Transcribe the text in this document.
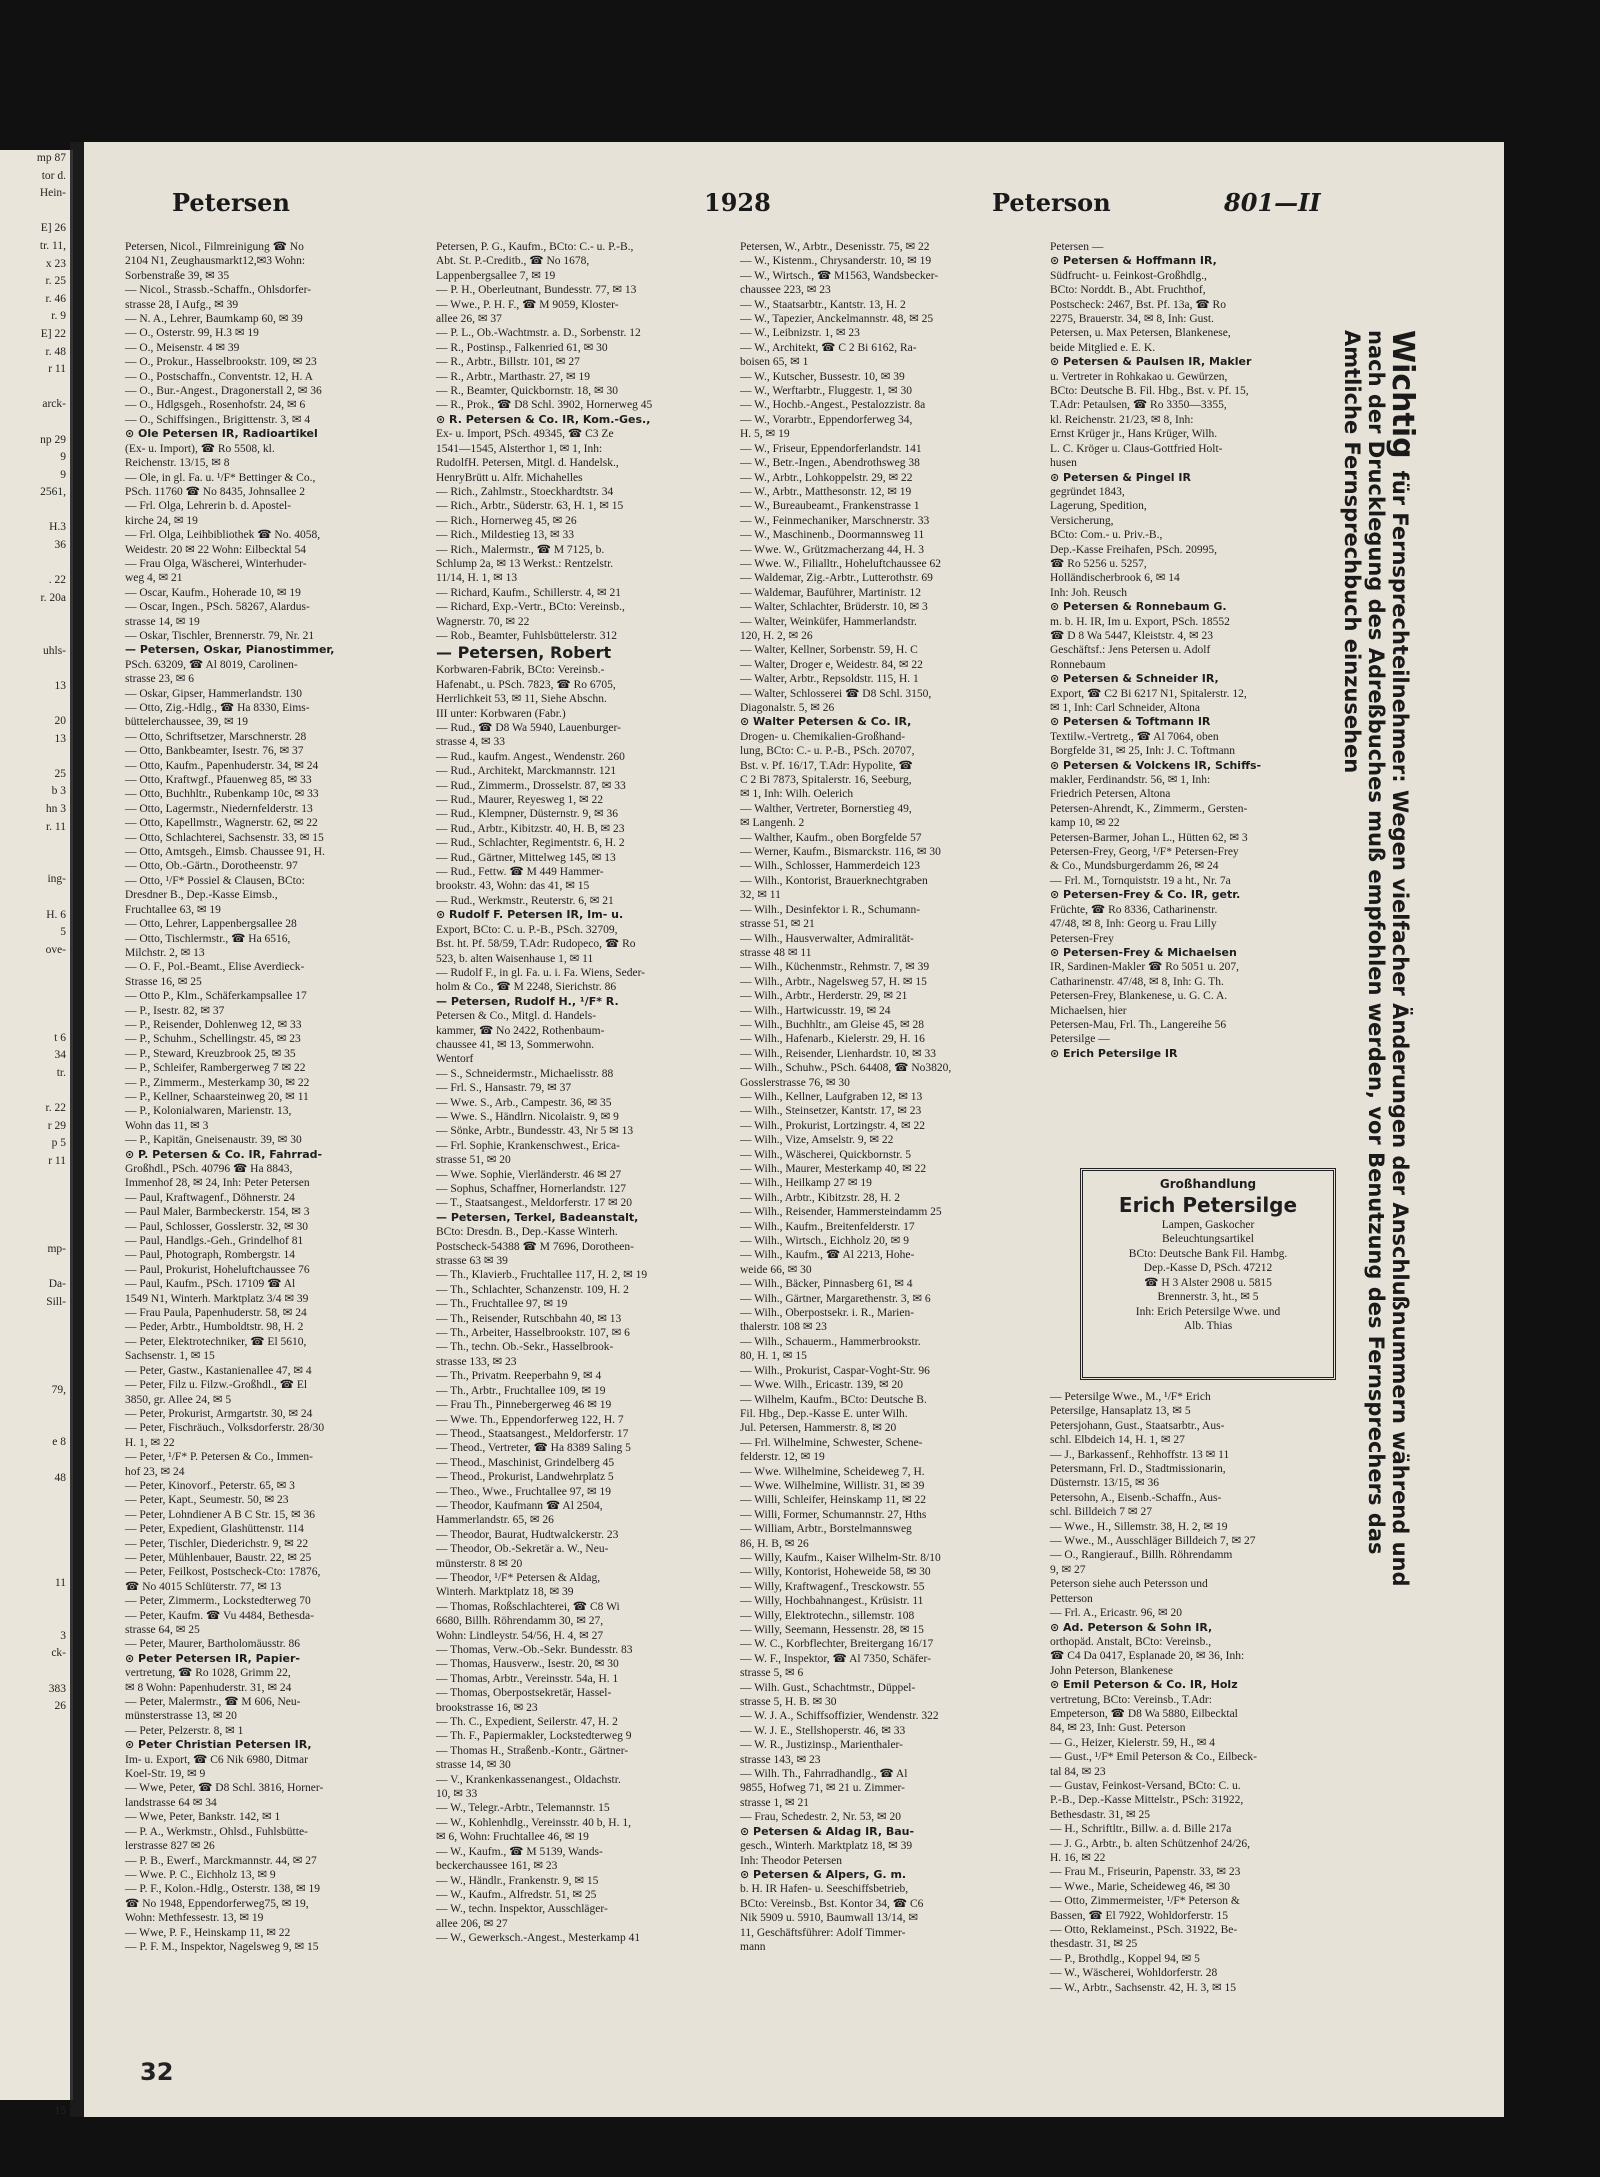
mp 87
tor d.
Hein-

E] 26
tr. 11,
x 23
r. 25
r. 46
r. 9
E] 22
r. 48
r 11

arck-

np 29
9
9
2561,

H.3
36

. 22
r. 20a

uhls-

13

20
13

25
b 3
hn 3
r. 11

ing-

H. 6
5
ove-

t 6
34
tr.

r. 22
r 29
p 5
r 11

mp-

Da-
Sill-

79,

e 8

48

11

3
ck-

383
26

15
Petersen	1928	Peterson	801—II
Petersen, Nicol., Filmreinigung ☎ No
2104 N1, Zeughausmarkt12,✉3 Wohn:
Sorbenstraße 39, ✉ 35
— Nicol., Strassb.-Schaffn., Ohlsdorfer-
strasse 28, I Aufg., ✉ 39
— N. A., Lehrer, Baumkamp 60, ✉ 39
— O., Osterstr. 99, H.3 ✉ 19
— O., Meisenstr. 4 ✉ 39
— O., Prokur., Hasselbrookstr. 109, ✉ 23
— O., Postschaffn., Conventstr. 12, H. A
— O., Bur.-Angest., Dragonerstall 2, ✉ 36
— O., Hdlgsgeh., Rosenhofstr. 24, ✉ 6
— O., Schiffsingen., Brigittenstr. 3, ✉ 4
⊙ Ole Petersen IR, Radioartikel
(Ex- u. Import), ☎ Ro 5508, kl.
Reichenstr. 13/15, ✉ 8
— Ole, in gl. Fa. u. ¹/F* Bettinger & Co.,
PSch. 11760 ☎ No 8435, Johnsallee 2
— Frl. Olga, Lehrerin b. d. Apostel-
kirche 24, ✉ 19
— Frl. Olga, Leihbibliothek ☎ No. 4058,
Weidestr. 20 ✉ 22 Wohn: Eilbecktal 54
— Frau Olga, Wäscherei, Winterhuder-
weg 4, ✉ 21
— Oscar, Kaufm., Hoherade 10, ✉ 19
— Oscar, Ingen., PSch. 58267, Alardus-
strasse 14, ✉ 19
— Oskar, Tischler, Brennerstr. 79, Nr. 21
— Petersen, Oskar, Pianostimmer,
PSch. 63209, ☎ Al 8019, Carolinen-
strasse 23, ✉ 6
— Oskar, Gipser, Hammerlandstr. 130
— Otto, Zig.-Hdlg., ☎ Ha 8330, Eims-
büttelerchaussee, 39, ✉ 19
— Otto, Schriftsetzer, Marschnerstr. 28
— Otto, Bankbeamter, Isestr. 76, ✉ 37
— Otto, Kaufm., Papenhuderstr. 34, ✉ 24
— Otto, Kraftwgf., Pfauenweg 85, ✉ 33
— Otto, Buchhltr., Rubenkamp 10c, ✉ 33
— Otto, Lagermstr., Niedernfelderstr. 13
— Otto, Kapellmstr., Wagnerstr. 62, ✉ 22
— Otto, Schlachterei, Sachsenstr. 33, ✉ 15
— Otto, Amtsgeh., Eimsb. Chaussee 91, H.
— Otto, Ob.-Gärtn., Dorotheenstr. 97
— Otto, ¹/F* Possiel & Clausen, BCto:
Dresdner B., Dep.-Kasse Eimsb.,
Fruchtallee 63, ✉ 19
— Otto, Lehrer, Lappenbergsallee 28
— Otto, Tischlermstr., ☎ Ha 6516,
Milchstr. 2, ✉ 13
— O. F., Pol.-Beamt., Elise Averdieck-
Strasse 16, ✉ 25
— Otto P., Klm., Schäferkampsallee 17
— P., Isestr. 82, ✉ 37
— P., Reisender, Dohlenweg 12, ✉ 33
— P., Schuhm., Schellingstr. 45, ✉ 23
— P., Steward, Kreuzbrook 25, ✉ 35
— P., Schleifer, Rambergerweg 7 ✉ 22
— P., Zimmerm., Mesterkamp 30, ✉ 22
— P., Kellner, Schaarsteinweg 20, ✉ 11
— P., Kolonialwaren, Marienstr. 13,
Wohn das 11, ✉ 3
— P., Kapitän, Gneisenaustr. 39, ✉ 30
⊙ P. Petersen & Co. IR, Fahrrad-
Großhdl., PSch. 40796 ☎ Ha 8843,
Immenhof 28, ✉ 24, Inh: Peter Petersen
— Paul, Kraftwagenf., Döhnerstr. 24
— Paul Maler, Barmbeckerstr. 154, ✉ 3
— Paul, Schlosser, Gosslerstr. 32, ✉ 30
— Paul, Handlgs.-Geh., Grindelhof 81
— Paul, Photograph, Rombergstr. 14
— Paul, Prokurist, Hoheluftchaussee 76
— Paul, Kaufm., PSch. 17109 ☎ Al
1549 N1, Winterh. Marktplatz 3/4 ✉ 39
— Frau Paula, Papenhuderstr. 58, ✉ 24
— Peder, Arbtr., Humboldtstr. 98, H. 2
— Peter, Elektrotechniker, ☎ El 5610,
Sachsenstr. 1, ✉ 15
— Peter, Gastw., Kastanienallee 47, ✉ 4
— Peter, Filz u. Filzw.-Großhdl., ☎ El
3850, gr. Allee 24, ✉ 5
— Peter, Prokurist, Armgartstr. 30, ✉ 24
— Peter, Fischräuch., Volksdorferstr. 28/30
H. 1, ✉ 22
— Peter, ¹/F* P. Petersen & Co., Immen-
hof 23, ✉ 24
— Peter, Kinovorf., Peterstr. 65, ✉ 3
— Peter, Kapt., Seumestr. 50, ✉ 23
— Peter, Lohndiener A B C Str. 15, ✉ 36
— Peter, Expedient, Glashüttenstr. 114
— Peter, Tischler, Diederichstr. 9, ✉ 22
— Peter, Mühlenbauer, Baustr. 22, ✉ 25
— Peter, Feilkost, Postscheck-Cto: 17876,
☎ No 4015 Schlüterstr. 77, ✉ 13
— Peter, Zimmerm., Lockstedterweg 70
— Peter, Kaufm. ☎ Vu 4484, Bethesda-
strasse 64, ✉ 25
— Peter, Maurer, Bartholomäusstr. 86
⊙ Peter Petersen IR, Papier-
vertretung, ☎ Ro 1028, Grimm 22,
✉ 8 Wohn: Papenhuderstr. 31, ✉ 24
— Peter, Malermstr., ☎ M 606, Neu-
münsterstrasse 13, ✉ 20
— Peter, Pelzerstr. 8, ✉ 1
⊙ Peter Christian Petersen IR,
Im- u. Export, ☎ C6 Nik 6980, Ditmar
Koel-Str. 19, ✉ 9
— Wwe, Peter, ☎ D8 Schl. 3816, Horner-
landstrasse 64 ✉ 34
— Wwe, Peter, Bankstr. 142, ✉ 1
— P. A., Werkmstr., Ohlsd., Fuhlsbütte-
lerstrasse 827 ✉ 26
— P. B., Ewerf., Marckmannstr. 44, ✉ 27
— Wwe. P. C., Eichholz 13, ✉ 9
— P. F., Kolon.-Hdlg., Osterstr. 138, ✉ 19
☎ No 1948, Eppendorferweg75, ✉ 19,
Wohn: Methfessestr. 13, ✉ 19
— Wwe, P. F., Heinskamp 11, ✉ 22
— P. F. M., Inspektor, Nagelsweg 9, ✉ 15
Petersen, P. G., Kaufm., BCto: C.- u. P.-B.,
Abt. St. P.-Creditb., ☎ No 1678,
Lappenbergsallee 7, ✉ 19
— P. H., Oberleutnant, Bundesstr. 77, ✉ 13
— Wwe., P. H. F., ☎ M 9059, Kloster-
allee 26, ✉ 37
— P. L., Ob.-Wachtmstr. a. D., Sorbenstr. 12
— R., Postinsp., Falkenried 61, ✉ 30
— R., Arbtr., Billstr. 101, ✉ 27
— R., Arbtr., Marthastr. 27, ✉ 19
— R., Beamter, Quickbornstr. 18, ✉ 30
— R., Prok., ☎ D8 Schl. 3902, Hornerweg 45
⊙ R. Petersen & Co. IR, Kom.-Ges.,
Ex- u. Import, PSch. 49345, ☎ C3 Ze
1541—1545, Alsterthor 1, ✉ 1, Inh:
RudolfH. Petersen, Mitgl. d. Handelsk.,
HenryBrütt u. Alfr. Michahelles
— Rich., Zahlmstr., Stoeckhardtstr. 34
— Rich., Arbtr., Süderstr. 63, H. 1, ✉ 15
— Rich., Hornerweg 45, ✉ 26
— Rich., Mildestieg 13, ✉ 33
— Rich., Malermstr., ☎ M 7125, b.
Schlump 2a, ✉ 13 Werkst.: Rentzelstr.
11/14, H. 1, ✉ 13
— Richard, Kaufm., Schillerstr. 4, ✉ 21
— Richard, Exp.-Vertr., BCto: Vereinsb.,
Wagnerstr. 70, ✉ 22
— Rob., Beamter, Fuhlsbüttelerstr. 312
— Petersen, Robert
Korbwaren-Fabrik, BCto: Vereinsb.-
Hafenabt., u. PSch. 7823, ☎ Ro 6705,
Herrlichkeit 53, ✉ 11, Siehe Abschn.
III unter: Korbwaren (Fabr.)
— Rud., ☎ D8 Wa 5940, Lauenburger-
strasse 4, ✉ 33
— Rud., kaufm. Angest., Wendenstr. 260
— Rud., Architekt, Marckmannstr. 121
— Rud., Zimmerm., Drosselstr. 87, ✉ 33
— Rud., Maurer, Reyesweg 1, ✉ 22
— Rud., Klempner, Düsternstr. 9, ✉ 36
— Rud., Arbtr., Kibitzstr. 40, H. B, ✉ 23
— Rud., Schlachter, Regimentstr. 6, H. 2
— Rud., Gärtner, Mittelweg 145, ✉ 13
— Rud., Fettw. ☎ M 449 Hammer-
brookstr. 43, Wohn: das 41, ✉ 15
— Rud., Werkmstr., Reuterstr. 6, ✉ 21
⊙ Rudolf F. Petersen IR, Im- u.
Export, BCto: C. u. P.-B., PSch. 32709,
Bst. ht. Pf. 58/59, T.Adr: Rudopeco, ☎ Ro
523, b. alten Waisenhause 1, ✉ 11
— Rudolf F., in gl. Fa. u. i. Fa. Wiens, Seder-
holm & Co., ☎ M 2248, Sierichstr. 86
— Petersen, Rudolf H., ¹/F* R.
Petersen & Co., Mitgl. d. Handels-
kammer, ☎ No 2422, Rothenbaum-
chaussee 41, ✉ 13, Sommerwohn.
Wentorf
— S., Schneidermstr., Michaelisstr. 88
— Frl. S., Hansastr. 79, ✉ 37
— Wwe. S., Arb., Campestr. 36, ✉ 35
— Wwe. S., Händlrn. Nicolaistr. 9, ✉ 9
— Sönke, Arbtr., Bundesstr. 43, Nr 5 ✉ 13
— Frl. Sophie, Krankenschwest., Erica-
strasse 51, ✉ 20
— Wwe. Sophie, Vierländerstr. 46 ✉ 27
— Sophus, Schaffner, Hornerlandstr. 127
— T., Staatsangest., Meldorferstr. 17 ✉ 20
— Petersen, Terkel, Badeanstalt,
BCto: Dresdn. B., Dep.-Kasse Winterh.
Postscheck-54388 ☎ M 7696, Dorotheen-
strasse 63 ✉ 39
— Th., Klavierb., Fruchtallee 117, H. 2, ✉ 19
— Th., Schlachter, Schanzenstr. 109, H. 2
— Th., Fruchtallee 97, ✉ 19
— Th., Reisender, Rutschbahn 40, ✉ 13
— Th., Arbeiter, Hasselbrookstr. 107, ✉ 6
— Th., techn. Ob.-Sekr., Hasselbrook-
strasse 133, ✉ 23
— Th., Privatm. Reeperbahn 9, ✉ 4
— Th., Arbtr., Fruchtallee 109, ✉ 19
— Frau Th., Pinnebergerweg 46 ✉ 19
— Wwe. Th., Eppendorferweg 122, H. 7
— Theod., Staatsangest., Meldorferstr. 17
— Theod., Vertreter, ☎ Ha 8389 Saling 5
— Theod., Maschinist, Grindelberg 45
— Theod., Prokurist, Landwehrplatz 5
— Theo., Wwe., Fruchtallee 97, ✉ 19
— Theodor, Kaufmann ☎ Al 2504,
Hammerlandstr. 65, ✉ 26
— Theodor, Baurat, Hudtwalckerstr. 23
— Theodor, Ob.-Sekretär a. W., Neu-
münsterstr. 8 ✉ 20
— Theodor, ¹/F* Petersen & Aldag,
Winterh. Marktplatz 18, ✉ 39
— Thomas, Roßschlachterei, ☎ C8 Wi
6680, Billh. Röhrendamm 30, ✉ 27,
Wohn: Lindleystr. 54/56, H. 4, ✉ 27
— Thomas, Verw.-Ob.-Sekr. Bundesstr. 83
— Thomas, Hausverw., Isestr. 20, ✉ 30
— Thomas, Arbtr., Vereinsstr. 54a, H. 1
— Thomas, Oberpostsekretär, Hassel-
brookstrasse 16, ✉ 23
— Th. C., Expedient, Seilerstr. 47, H. 2
— Th. F., Papiermakler, Lockstedterweg 9
— Thomas H., Straßenb.-Kontr., Gärtner-
strasse 14, ✉ 30
— V., Krankenkassenangest., Oldachstr.
10, ✉ 33
— W., Telegr.-Arbtr., Telemannstr. 15
— W., Kohlenhdlg., Vereinsstr. 40 b, H. 1,
✉ 6, Wohn: Fruchtallee 46, ✉ 19
— W., Kaufm., ☎ M 5139, Wands-
beckerchaussee 161, ✉ 23
— W., Händlr., Frankenstr. 9, ✉ 15
— W., Kaufm., Alfredstr. 51, ✉ 25
— W., techn. Inspektor, Ausschläger-
allee 206, ✉ 27
— W., Gewerksch.-Angest., Mesterkamp 41
Petersen, W., Arbtr., Desenisstr. 75, ✉ 22
— W., Kistenm., Chrysanderstr. 10, ✉ 19
— W., Wirtsch., ☎ M1563, Wandsbecker-
chaussee 223, ✉ 23
— W., Staatsarbtr., Kantstr. 13, H. 2
— W., Tapezier, Anckelmannstr. 48, ✉ 25
— W., Leibnizstr. 1, ✉ 23
— W., Architekt, ☎ C 2 Bi 6162, Ra-
boisen 65, ✉ 1
— W., Kutscher, Bussestr. 10, ✉ 39
— W., Werftarbtr., Fluggestr. 1, ✉ 30
— W., Hochb.-Angest., Pestalozzistr. 8a
— W., Vorarbtr., Eppendorferweg 34,
H. 5, ✉ 19
— W., Friseur, Eppendorferlandstr. 141
— W., Betr.-Ingen., Abendrothsweg 38
— W., Arbtr., Lohkoppelstr. 29, ✉ 22
— W., Arbtr., Matthesonstr. 12, ✉ 19
— W., Bureaubeamt., Frankenstrasse 1
— W., Feinmechaniker, Marschnerstr. 33
— W., Maschinenb., Doormannsweg 11
— Wwe. W., Grützmacherzang 44, H. 3
— Wwe. W., Filialltr., Hoheluftchaussee 62
— Waldemar, Zig.-Arbtr., Lutterothstr. 69
— Waldemar, Bauführer, Martinistr. 12
— Walter, Schlachter, Brüderstr. 10, ✉ 3
— Walter, Weinküfer, Hammerlandstr.
120, H. 2, ✉ 26
— Walter, Kellner, Sorbenstr. 59, H. C
— Walter, Droger e, Weidestr. 84, ✉ 22
— Walter, Arbtr., Repsoldstr. 115, H. 1
— Walter, Schlosserei ☎ D8 Schl. 3150,
Diagonalstr. 5, ✉ 26
⊙ Walter Petersen & Co. IR,
Drogen- u. Chemikalien-Großhand-
lung, BCto: C.- u. P.-B., PSch. 20707,
Bst. v. Pf. 16/17, T.Adr: Hypolite, ☎
C 2 Bi 7873, Spitalerstr. 16, Seeburg,
✉ 1, Inh: Wilh. Oelerich
— Walther, Vertreter, Bornerstieg 49,
✉ Langenh. 2
— Walther, Kaufm., oben Borgfelde 57
— Werner, Kaufm., Bismarckstr. 116, ✉ 30
— Wilh., Schlosser, Hammerdeich 123
— Wilh., Kontorist, Brauerknechtgraben
32, ✉ 11
— Wilh., Desinfektor i. R., Schumann-
strasse 51, ✉ 21
— Wilh., Hausverwalter, Admiralität-
strasse 48 ✉ 11
— Wilh., Küchenmstr., Rehmstr. 7, ✉ 39
— Wilh., Arbtr., Nagelsweg 57, H. ✉ 15
— Wilh., Arbtr., Herderstr. 29, ✉ 21
— Wilh., Hartwicusstr. 19, ✉ 24
— Wilh., Buchhltr., am Gleise 45, ✉ 28
— Wilh., Hafenarb., Kielerstr. 29, H. 16
— Wilh., Reisender, Lienhardstr. 10, ✉ 33
— Wilh., Schuhw., PSch. 64408, ☎ No3820,
Gosslerstrasse 76, ✉ 30
— Wilh., Kellner, Laufgraben 12, ✉ 13
— Wilh., Steinsetzer, Kantstr. 17, ✉ 23
— Wilh., Prokurist, Lortzingstr. 4, ✉ 22
— Wilh., Vize, Amselstr. 9, ✉ 22
— Wilh., Wäscherei, Quickbornstr. 5
— Wilh., Maurer, Mesterkamp 40, ✉ 22
— Wilh., Heilkamp 27 ✉ 19
— Wilh., Arbtr., Kibitzstr. 28, H. 2
— Wilh., Reisender, Hammersteindamm 25
— Wilh., Kaufm., Breitenfelderstr. 17
— Wilh., Wirtsch., Eichholz 20, ✉ 9
— Wilh., Kaufm., ☎ Al 2213, Hohe-
weide 66, ✉ 30
— Wilh., Bäcker, Pinnasberg 61, ✉ 4
— Wilh., Gärtner, Margarethenstr. 3, ✉ 6
— Wilh., Oberpostsekr. i. R., Marien-
thalerstr. 108 ✉ 23
— Wilh., Schauerm., Hammerbrookstr.
80, H. 1, ✉ 15
— Wilh., Prokurist, Caspar-Voght-Str. 96
— Wwe. Wilh., Ericastr. 139, ✉ 20
— Wilhelm, Kaufm., BCto: Deutsche B.
Fil. Hbg., Dep.-Kasse E. unter Wilh.
Jul. Petersen, Hammerstr. 8, ✉ 20
— Frl. Wilhelmine, Schwester, Schene-
felderstr. 12, ✉ 19
— Wwe. Wilhelmine, Scheideweg 7, H.
— Wwe. Wilhelmine, Willistr. 31, ✉ 39
— Willi, Schleifer, Heinskamp 11, ✉ 22
— Willi, Former, Schumannstr. 27, Hths
— William, Arbtr., Borstelmannsweg
86, H. B, ✉ 26
— Willy, Kaufm., Kaiser Wilhelm-Str. 8/10
— Willy, Kontorist, Hoheweide 58, ✉ 30
— Willy, Kraftwagenf., Tresckowstr. 55
— Willy, Hochbahnangest., Krüsistr. 11
— Willy, Elektrotechn., sillemstr. 108
— Willy, Seemann, Hessenstr. 28, ✉ 15
— W. C., Korbflechter, Breitergang 16/17
— W. F., Inspektor, ☎ Al 7350, Schäfer-
strasse 5, ✉ 6
— Wilh. Gust., Schachtmstr., Düppel-
strasse 5, H. B. ✉ 30
— W. J. A., Schiffsoffizier, Wendenstr. 322
— W. J. E., Stellshoperstr. 46, ✉ 33
— W. R., Justizinsp., Marienthaler-
strasse 143, ✉ 23
— Wilh. Th., Fahrradhandlg., ☎ Al
9855, Hofweg 71, ✉ 21 u. Zimmer-
strasse 1, ✉ 21
— Frau, Schedestr. 2, Nr. 53, ✉ 20
⊙ Petersen & Aldag IR, Bau-
gesch., Winterh. Marktplatz 18, ✉ 39
Inh: Theodor Petersen
⊙ Petersen & Alpers, G. m.
b. H. IR Hafen- u. Seeschiffsbetrieb,
BCto: Vereinsb., Bst. Kontor 34, ☎ C6
Nik 5909 u. 5910, Baumwall 13/14, ✉
11, Geschäftsführer: Adolf Timmer-
mann
Petersen —
⊙ Petersen & Hoffmann IR,
Südfrucht- u. Feinkost-Großhdlg.,
BCto: Norddt. B., Abt. Fruchthof,
Postscheck: 2467, Bst. Pf. 13a, ☎ Ro
2275, Brauerstr. 34, ✉ 8, Inh: Gust.
Petersen, u. Max Petersen, Blankenese,
beide Mitglied e. E. K.
⊙ Petersen & Paulsen IR, Makler
u. Vertreter in Rohkakao u. Gewürzen,
BCto: Deutsche B. Fil. Hbg., Bst. v. Pf. 15,
T.Adr: Petaulsen, ☎ Ro 3350—3355,
kl. Reichenstr. 21/23, ✉ 8, Inh:
Ernst Krüger jr., Hans Krüger, Wilh.
L. C. Kröger u. Claus-Gottfried Holt-
husen
⊙ Petersen & Pingel IR
gegründet 1843,
Lagerung, Spedition,
Versicherung,
BCto: Com.- u. Priv.-B.,
Dep.-Kasse Freihafen, PSch. 20995,
☎ Ro 5256 u. 5257,
Holländischerbrook 6, ✉ 14
Inh: Joh. Reusch
⊙ Petersen & Ronnebaum G.
m. b. H. IR, Im u. Export, PSch. 18552
☎ D 8 Wa 5447, Kleiststr. 4, ✉ 23
Geschäftsf.: Jens Petersen u. Adolf
Ronnebaum
⊙ Petersen & Schneider IR,
Export, ☎ C2 Bi 6217 N1, Spitalerstr. 12,
✉ 1, Inh: Carl Schneider, Altona
⊙ Petersen & Toftmann IR
Textilw.-Vertretg., ☎ Al 7064, oben
Borgfelde 31, ✉ 25, Inh: J. C. Toftmann
⊙ Petersen & Volckens IR, Schiffs-
makler, Ferdinandstr. 56, ✉ 1, Inh:
Friedrich Petersen, Altona
Petersen-Ahrendt, K., Zimmerm., Gersten-
kamp 10, ✉ 22
Petersen-Barmer, Johan L., Hütten 62, ✉ 3
Petersen-Frey, Georg, ¹/F* Petersen-Frey
& Co., Mundsburgerdamm 26, ✉ 24
— Frl. M., Tornquiststr. 19 a ht., Nr. 7a
⊙ Petersen-Frey & Co. IR, getr.
Früchte, ☎ Ro 8336, Catharinenstr.
47/48, ✉ 8, Inh: Georg u. Frau Lilly
Petersen-Frey
⊙ Petersen-Frey & Michaelsen
IR, Sardinen-Makler ☎ Ro 5051 u. 207,
Catharinenstr. 47/48, ✉ 8, Inh: G. Th.
Petersen-Frey, Blankenese, u. G. C. A.
Michaelsen, hier
Petersen-Mau, Frl. Th., Langereihe 56
Petersilge —
⊙ Erich Petersilge IR
— Petersilge Wwe., M., ¹/F* Erich
Petersilge, Hansaplatz 13, ✉ 5
Petersjohann, Gust., Staatsarbtr., Aus-
schl. Elbdeich 14, H. 1, ✉ 27
— J., Barkassenf., Rehhoffstr. 13 ✉ 11
Petersmann, Frl. D., Stadtmissionarin,
Düsternstr. 13/15, ✉ 36
Petersohn, A., Eisenb.-Schaffn., Aus-
schl. Billdeich 7 ✉ 27
— Wwe., H., Sillemstr. 38, H. 2, ✉ 19
— Wwe., M., Ausschläger Billdeich 7, ✉ 27
— O., Rangierauf., Billh. Röhrendamm
9, ✉ 27
Peterson siehe auch Petersson und
Petterson
— Frl. A., Ericastr. 96, ✉ 20
⊙ Ad. Peterson & Sohn IR,
orthopäd. Anstalt, BCto: Vereinsb.,
☎ C4 Da 0417, Esplanade 20, ✉ 36, Inh:
John Peterson, Blankenese
⊙ Emil Peterson & Co. IR, Holz
vertretung, BCto: Vereinsb., T.Adr:
Empeterson, ☎ D8 Wa 5880, Eilbecktal
84, ✉ 23, Inh: Gust. Peterson
— G., Heizer, Kielerstr. 59, H., ✉ 4
— Gust., ¹/F* Emil Peterson & Co., Eilbeck-
tal 84, ✉ 23
— Gustav, Feinkost-Versand, BCto: C. u.
P.-B., Dep.-Kasse Mittelstr., PSch: 31922,
Bethesdastr. 31, ✉ 25
— H., Schriftltr., Billw. a. d. Bille 217a
— J. G., Arbtr., b. alten Schützenhof 24/26,
H. 16, ✉ 22
— Frau M., Friseurin, Papenstr. 33, ✉ 23
— Wwe., Marie, Scheideweg 46, ✉ 30
— Otto, Zimmermeister, ¹/F* Peterson &
Bassen, ☎ El 7922, Wohldorferstr. 15
— Otto, Reklameinst., PSch. 31922, Be-
thesdastr. 31, ✉ 25
— P., Brothdlg., Koppel 94, ✉ 5
— W., Wäscherei, Wohldorferstr. 28
— W., Arbtr., Sachsenstr. 42, H. 3, ✉ 15
Großhandlung
Erich Petersilge
Lampen, Gaskocher
Beleuchtungsartikel
BCto: Deutsche Bank Fil. Hambg.
Dep.-Kasse D, PSch. 47212
☎ H 3 Alster 2908 u. 5815
Brennerstr. 3, ht., ✉ 5
Inh: Erich Petersilge Wwe. und
Alb. Thias
Wichtigfür Fernsprechteilnehmer: Wegen vielfacher Änderungen der Anschlußnummern während und nach der Drucklegung des Adreßbuches muß empfohlen werden, vor Benutzung des Fernsprechers das Amtliche Fernsprechbuch einzusehen
32
